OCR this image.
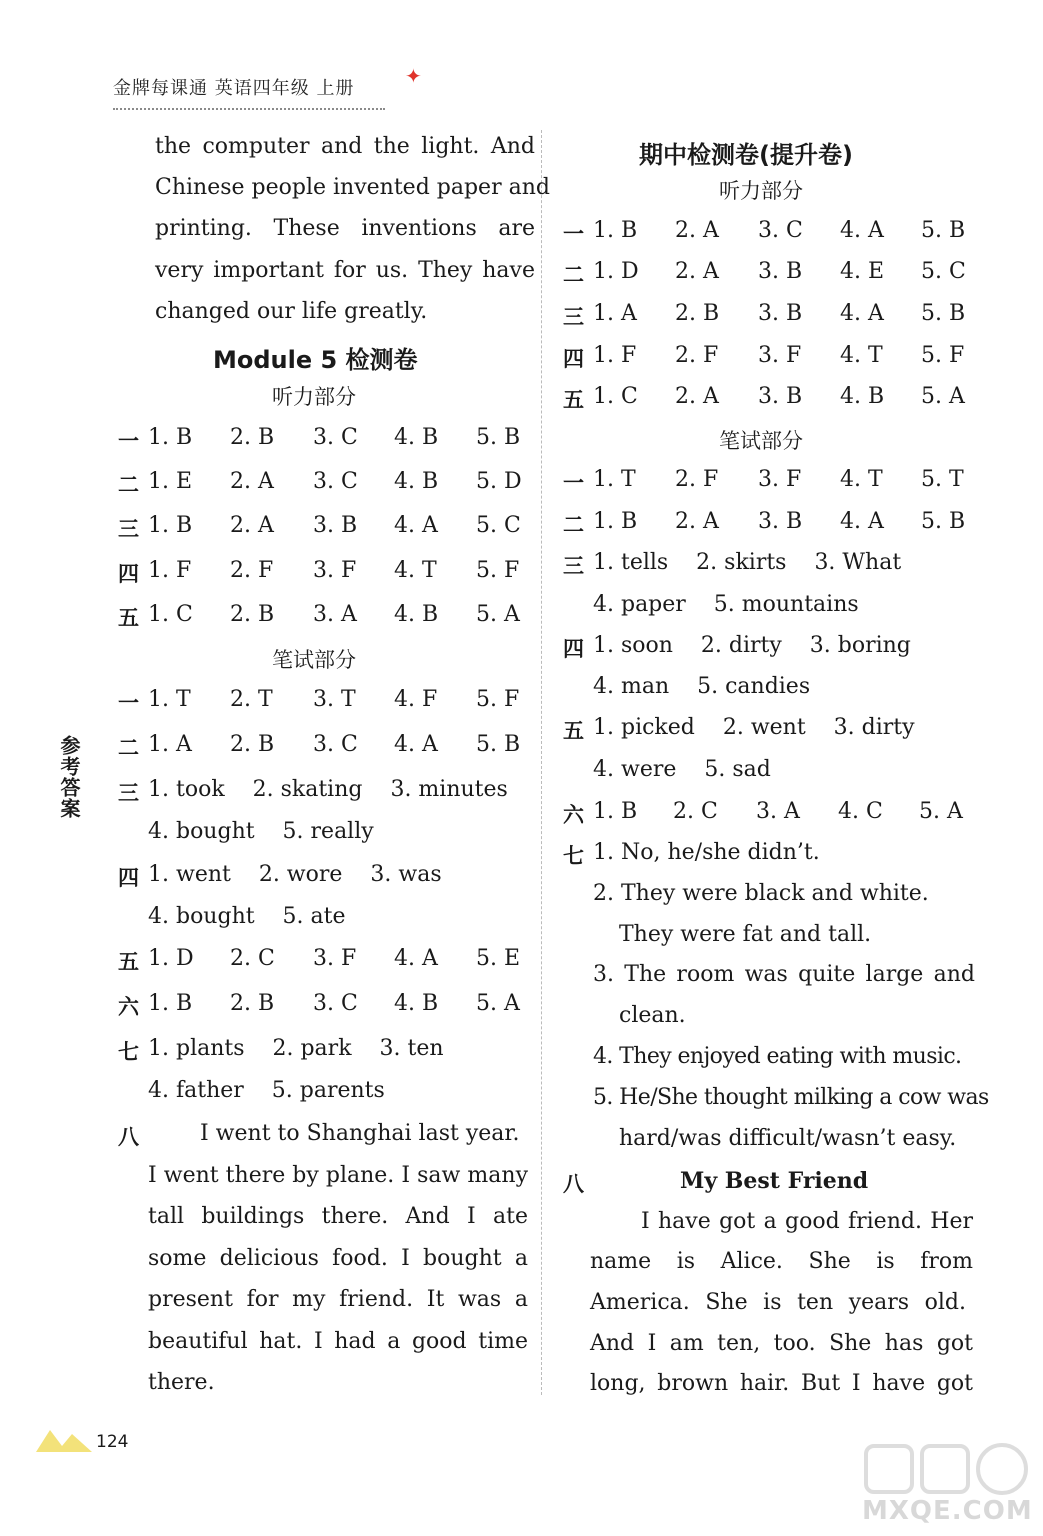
金牌每课通 英语四年级 上册
✦
参考答案
the computer and the light. And
Chinese people invented paper and
printing. These inventions are
very important for us. They have
changed our life greatly.
Module 5 检测卷
听力部分
一 1. B 2. B 3. C 4. B 5. B
二 1. E 2. A 3. C 4. B 5. D
三 1. B 2. A 3. B 4. A 5. C
四 1. F 2. F 3. F 4. T 5. F
五 1. C 2. B 3. A 4. B 5. A
笔试部分
一 1. T 2. T 3. T 4. F 5. F
二 1. A 2. B 3. C 4. A 5. B
三 1. took    2. skating    3. minutes
4. bought    5. really
四 1. went    2. wore    3. was
4. bought    5. ate
五 1. D 2. C 3. F 4. A 5. E
六 1. B 2. B 3. C 4. B 5. A
七 1. plants    2. park    3. ten
4. father    5. parents
八	I went to Shanghai last year.
I went there by plane. I saw many
tall buildings there. And I ate
some delicious food. I bought a
present for my friend. It was a
beautiful hat. I had a good time
there.
期中检测卷(提升卷)
听力部分
一 1. B 2. A 3. C 4. A 5. B
二 1. D 2. A 3. B 4. E 5. C
三 1. A 2. B 3. B 4. A 5. B
四 1. F 2. F 3. F 4. T 5. F
五 1. C 2. A 3. B 4. B 5. A
笔试部分
一 1. T 2. F 3. F 4. T 5. T
二 1. B 2. A 3. B 4. A 5. B
三 1. tells    2. skirts    3. What
4. paper    5. mountains
四 1. soon    2. dirty    3. boring
4. man    5. candies
五 1. picked    2. went    3. dirty
4. were    5. sad
六 1. B 2. C 3. A 4. C 5. A
七 1. No, he/she didn’t.
2. They were black and white.
They were fat and tall.
3. The room was quite large and
clean.
4. They enjoyed eating with music.
5. He/She thought milking a cow was
hard/was difficult/wasn’t easy.
八	My Best Friend
I have got a good friend. Her
name is Alice. She is from
America. She is ten years old.
And I am ten, too. She has got
long, brown hair. But I have got
124
MXQE.COM
